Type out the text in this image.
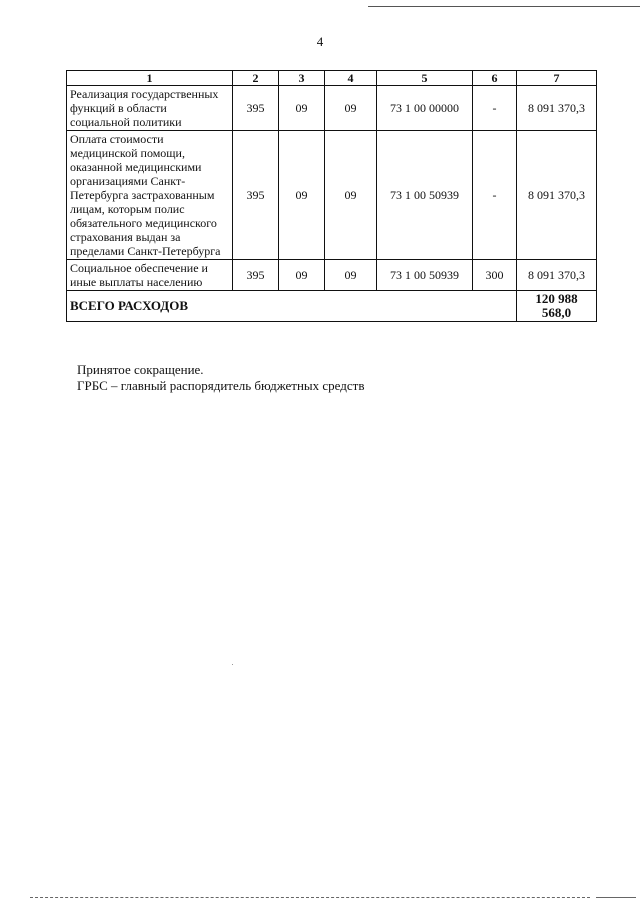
4
1	2	3	4	5	6	7
Реализация государственных функций в области социальной политики	395	09	09	73 1 00 00000	-	8 091 370,3
Оплата стоимости медицинской помощи, оказанной медицинскими организациями Санкт-Петербурга застрахованным лицам, которым полис обязательного медицинского страхования выдан за пределами Санкт-Петербурга	395	09	09	73 1 00 50939	-	8 091 370,3
Социальное обеспечение и иные выплаты населению	395	09	09	73 1 00 50939	300	8 091 370,3
ВСЕГО РАСХОДОВ						120 988 568,0
Принятое сокращение.
ГРБС – главный распорядитель бюджетных средств
